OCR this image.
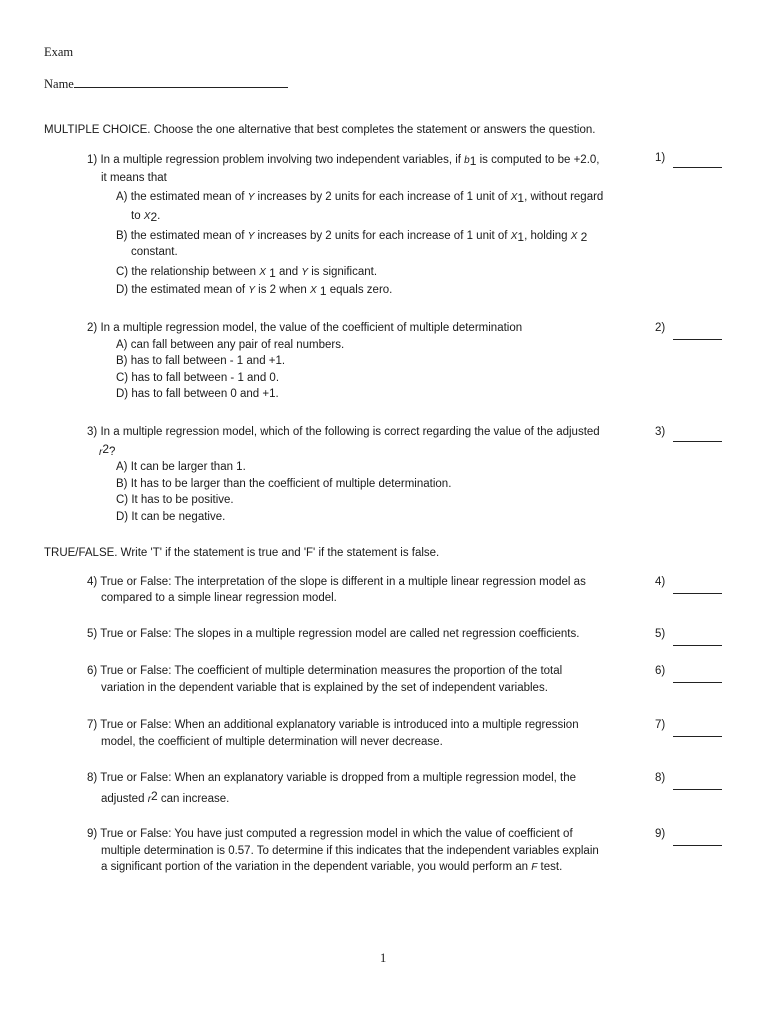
Exam
Name
MULTIPLE CHOICE. Choose the one alternative that best completes the statement or answers the question.
1) In a multiple regression problem involving two independent variables, if b1 is computed to be +2.0,
it means that
A) the estimated mean of Y increases by 2 units for each increase of 1 unit of X1, without regard
to X2.
B) the estimated mean of Y increases by 2 units for each increase of 1 unit of X1, holding X 2
constant.
C) the relationship between X 1 and Y is significant.
D) the estimated mean of Y is 2 when X 1 equals zero.
1)
2) In a multiple regression model, the value of the coefficient of multiple determination
A) can fall between any pair of real numbers.
B) has to fall between - 1 and +1.
C) has to fall between - 1 and 0.
D) has to fall between 0 and +1.
2)
3) In a multiple regression model, which of the following is correct regarding the value of the adjusted
r2?
A) It can be larger than 1.
B) It has to be larger than the coefficient of multiple determination.
C) It has to be positive.
D) It can be negative.
3)
TRUE/FALSE. Write 'T' if the statement is true and 'F' if the statement is false.
4) True or False: The interpretation of the slope is different in a multiple linear regression model as
compared to a simple linear regression model.
4)
5) True or False: The slopes in a multiple regression model are called net regression coefficients.	5)
6) True or False: The coefficient of multiple determination measures the proportion of the total
variation in the dependent variable that is explained by the set of independent variables.
6)
7) True or False: When an additional explanatory variable is introduced into a multiple regression
model, the coefficient of multiple determination will never decrease.
7)
8) True or False: When an explanatory variable is dropped from a multiple regression model, the
adjusted r2 can increase.
8)
9) True or False: You have just computed a regression model in which the value of coefficient of
multiple determination is 0.57. To determine if this indicates that the independent variables explain
a significant portion of the variation in the dependent variable, you would perform an F test.
9)
1
